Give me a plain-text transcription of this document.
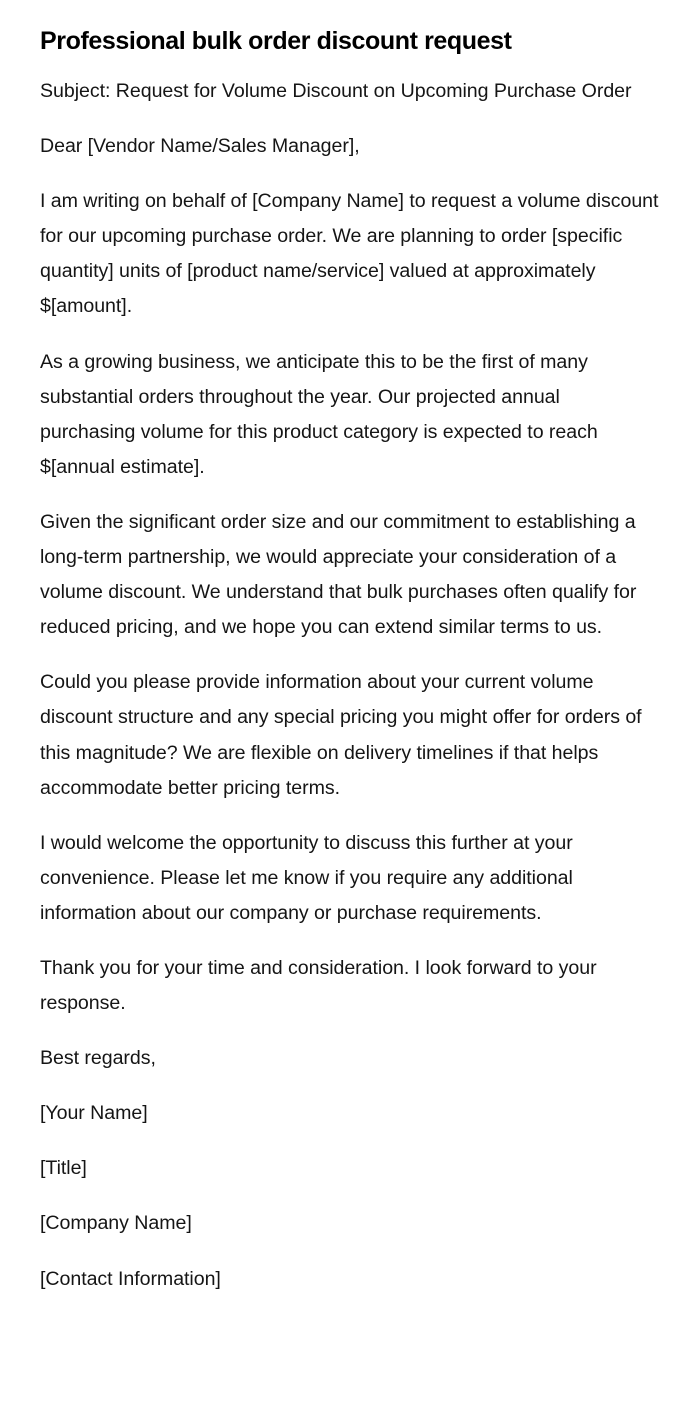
Professional bulk order discount request

Subject: Request for Volume Discount on Upcoming Purchase Order

Dear [Vendor Name/Sales Manager],

I am writing on behalf of [Company Name] to request a volume discount for our upcoming purchase order. We are planning to order [specific quantity] units of [product name/service] valued at approximately $[amount].

As a growing business, we anticipate this to be the first of many substantial orders throughout the year. Our projected annual purchasing volume for this product category is expected to reach $[annual estimate].

Given the significant order size and our commitment to establishing a long-term partnership, we would appreciate your consideration of a volume discount. We understand that bulk purchases often qualify for reduced pricing, and we hope you can extend similar terms to us.

Could you please provide information about your current volume discount structure and any special pricing you might offer for orders of this magnitude? We are flexible on delivery timelines if that helps accommodate better pricing terms.

I would welcome the opportunity to discuss this further at your convenience. Please let me know if you require any additional information about our company or purchase requirements.

Thank you for your time and consideration. I look forward to your response.

Best regards,

[Your Name]

[Title]

[Company Name]

[Contact Information]
